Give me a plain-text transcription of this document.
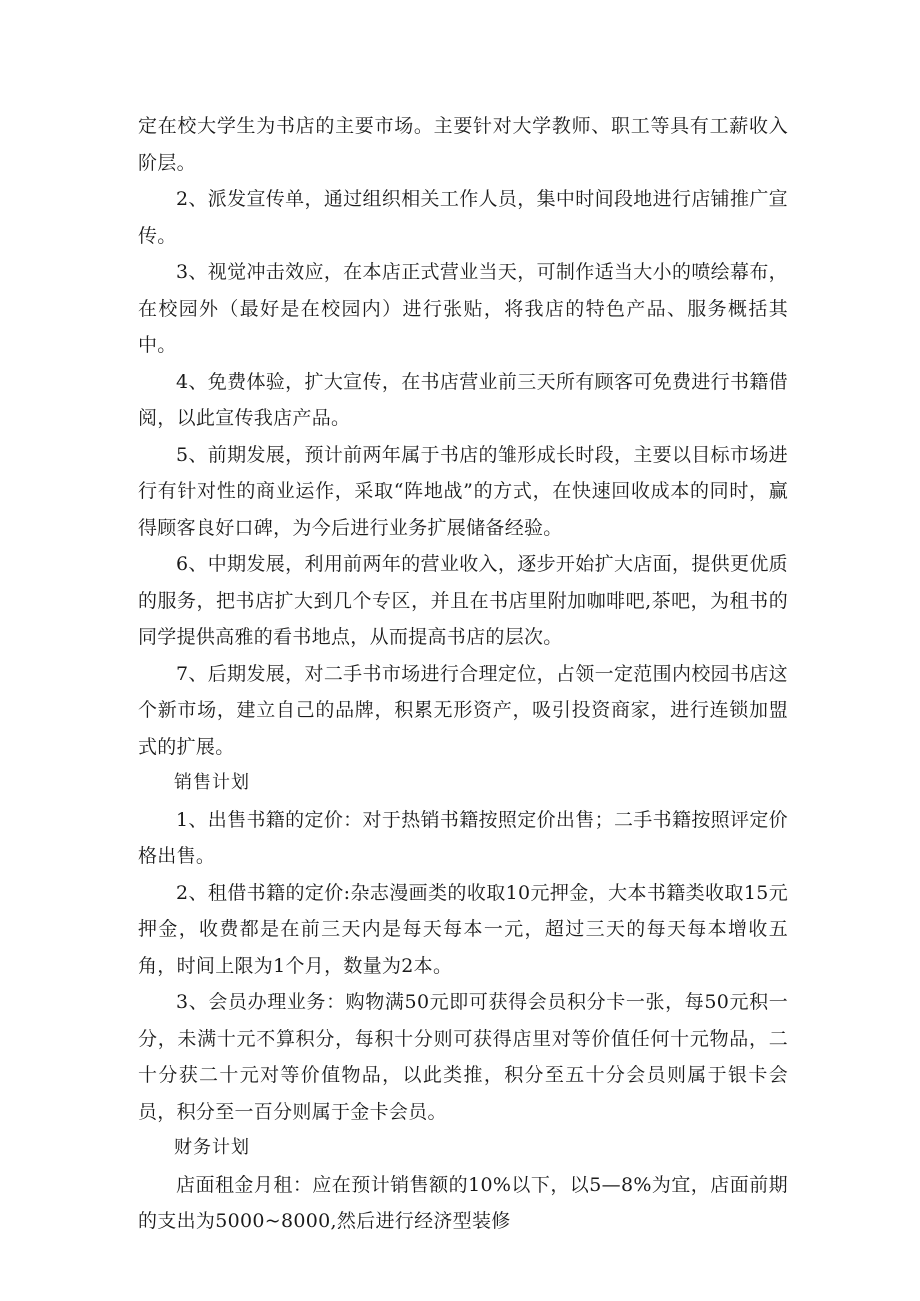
定在校大学生为书店的主要市场。主要针对大学教师、职工等具有工薪收入阶层。

2、派发宣传单，通过组织相关工作人员，集中时间段地进行店铺推广宣传。

3、视觉冲击效应，在本店正式营业当天，可制作适当大小的喷绘幕布，在校园外（最好是在校园内）进行张贴，将我店的特色产品、服务概括其中。

4、免费体验，扩大宣传，在书店营业前三天所有顾客可免费进行书籍借阅，以此宣传我店产品。

5、前期发展，预计前两年属于书店的雏形成长时段，主要以目标市场进行有针对性的商业运作，采取“阵地战”的方式，在快速回收成本的同时，赢得顾客良好口碑，为今后进行业务扩展储备经验。

6、中期发展，利用前两年的营业收入，逐步开始扩大店面，提供更优质的服务，把书店扩大到几个专区，并且在书店里附加咖啡吧,茶吧，为租书的同学提供高雅的看书地点，从而提高书店的层次。

7、后期发展，对二手书市场进行合理定位，占领一定范围内校园书店这个新市场，建立自己的品牌，积累无形资产，吸引投资商家，进行连锁加盟式的扩展。

销售计划

1、出售书籍的定价：对于热销书籍按照定价出售；二手书籍按照评定价格出售。

2、租借书籍的定价:杂志漫画类的收取10元押金，大本书籍类收取15元押金，收费都是在前三天内是每天每本一元，超过三天的每天每本增收五角，时间上限为1个月，数量为2本。

3、会员办理业务：购物满50元即可获得会员积分卡一张，每50元积一分，未满十元不算积分，每积十分则可获得店里对等价值任何十元物品，二十分获二十元对等价值物品，以此类推，积分至五十分会员则属于银卡会员，积分至一百分则属于金卡会员。

财务计划

店面租金月租：应在预计销售额的10%以下，以5—8%为宜，店面前期的支出为5000~8000,然后进行经济型装修
